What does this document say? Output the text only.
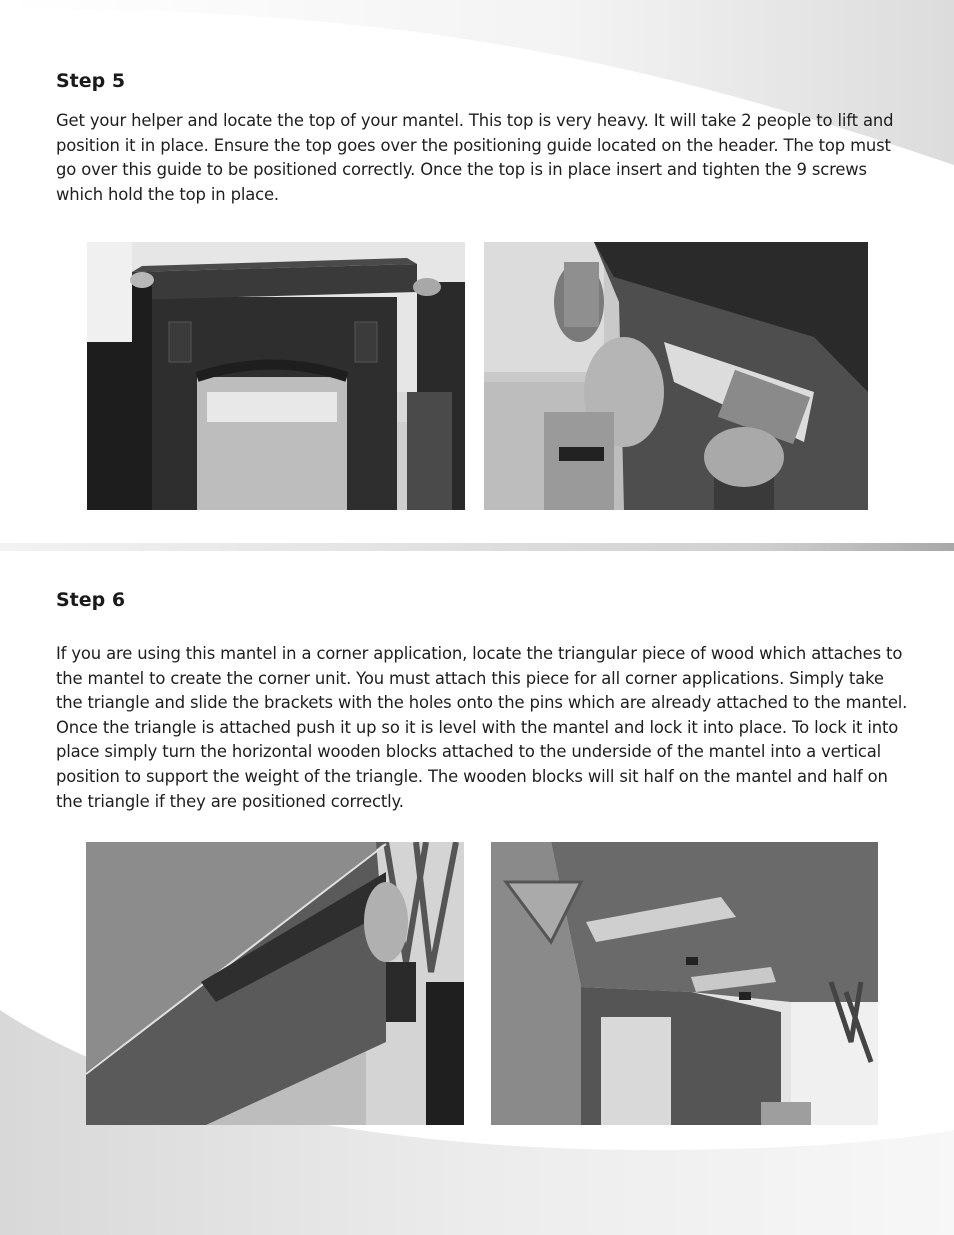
Step 5

Get your helper and locate the top of your mantel. This top is very heavy. It will take 2 people to lift and position it in place. Ensure the top goes over the positioning guide located on the header. The top must go over this guide to be positioned correctly. Once the top is in place insert and tighten the 9 screws which hold the top in place.

Step 6

If you are using this mantel in a corner application, locate the triangular piece of wood which attaches to the mantel to create the corner unit. You must attach this piece for all corner applications. Simply take the triangle and slide the brackets with the holes onto the pins which are already attached to the mantel. Once the triangle is attached push it up so it is level with the mantel and lock it into place. To lock it into place simply turn the horizontal wooden blocks attached to the underside of the mantel into a vertical position to support the weight of the triangle. The wooden blocks will sit half on the mantel and half on the triangle if they are positioned correctly.
